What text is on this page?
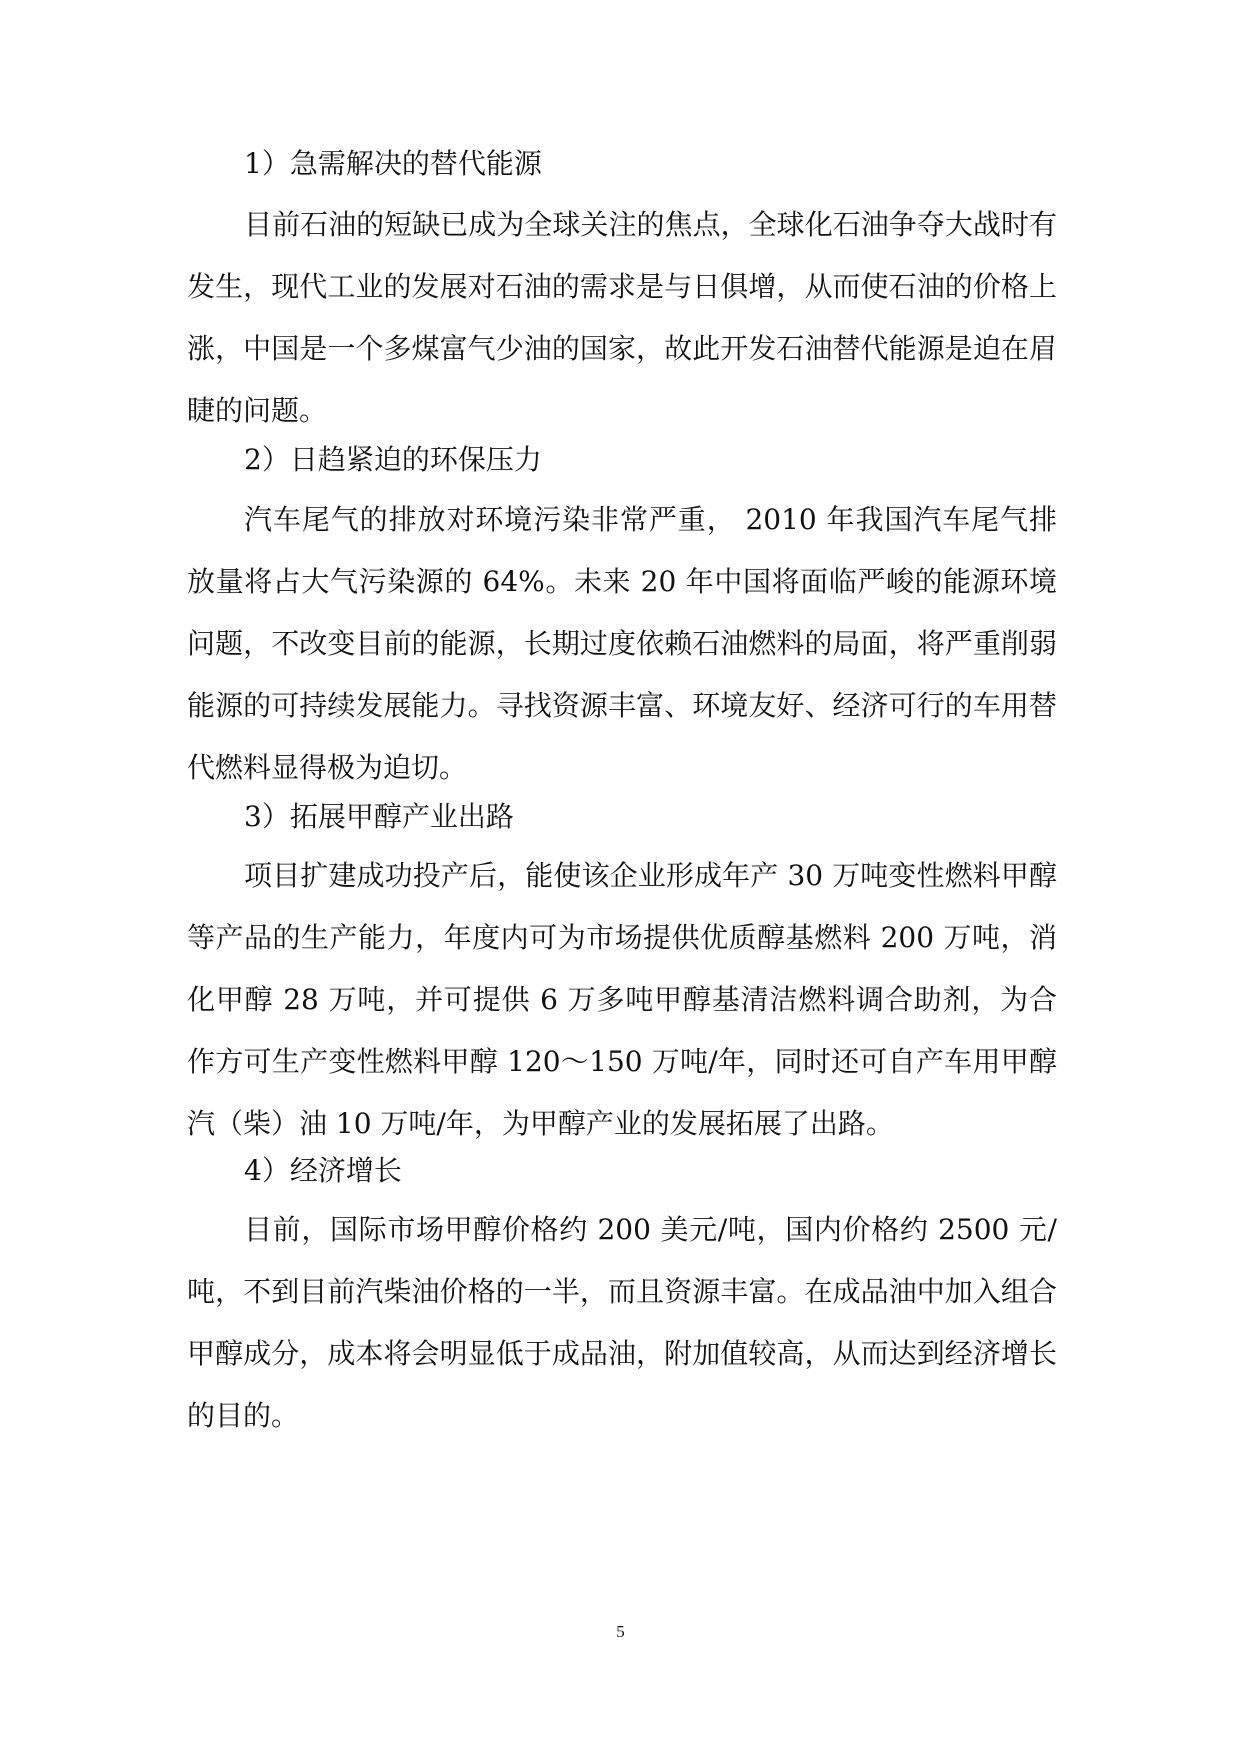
1）急需解决的替代能源

目前石油的短缺已成为全球关注的焦点，全球化石油争夺大战时有发生，现代工业的发展对石油的需求是与日俱增，从而使石油的价格上涨，中国是一个多煤富气少油的国家，故此开发石油替代能源是迫在眉睫的问题。

2）日趋紧迫的环保压力

汽车尾气的排放对环境污染非常严重， 2010 年我国汽车尾气排放量将占大气污染源的 64%。未来 20 年中国将面临严峻的能源环境问题，不改变目前的能源，长期过度依赖石油燃料的局面，将严重削弱能源的可持续发展能力。寻找资源丰富、环境友好、经济可行的车用替代燃料显得极为迫切。

3）拓展甲醇产业出路

项目扩建成功投产后，能使该企业形成年产 30 万吨变性燃料甲醇等产品的生产能力，年度内可为市场提供优质醇基燃料 200 万吨，消化甲醇 28 万吨，并可提供 6 万多吨甲醇基清洁燃料调合助剂，为合作方可生产变性燃料甲醇 120～150 万吨/年，同时还可自产车用甲醇汽（柴）油 10 万吨/年，为甲醇产业的发展拓展了出路。

4）经济增长

目前，国际市场甲醇价格约 200 美元/吨，国内价格约 2500 元/吨，不到目前汽柴油价格的一半，而且资源丰富。在成品油中加入组合甲醇成分，成本将会明显低于成品油，附加值较高，从而达到经济增长的目的。

5
